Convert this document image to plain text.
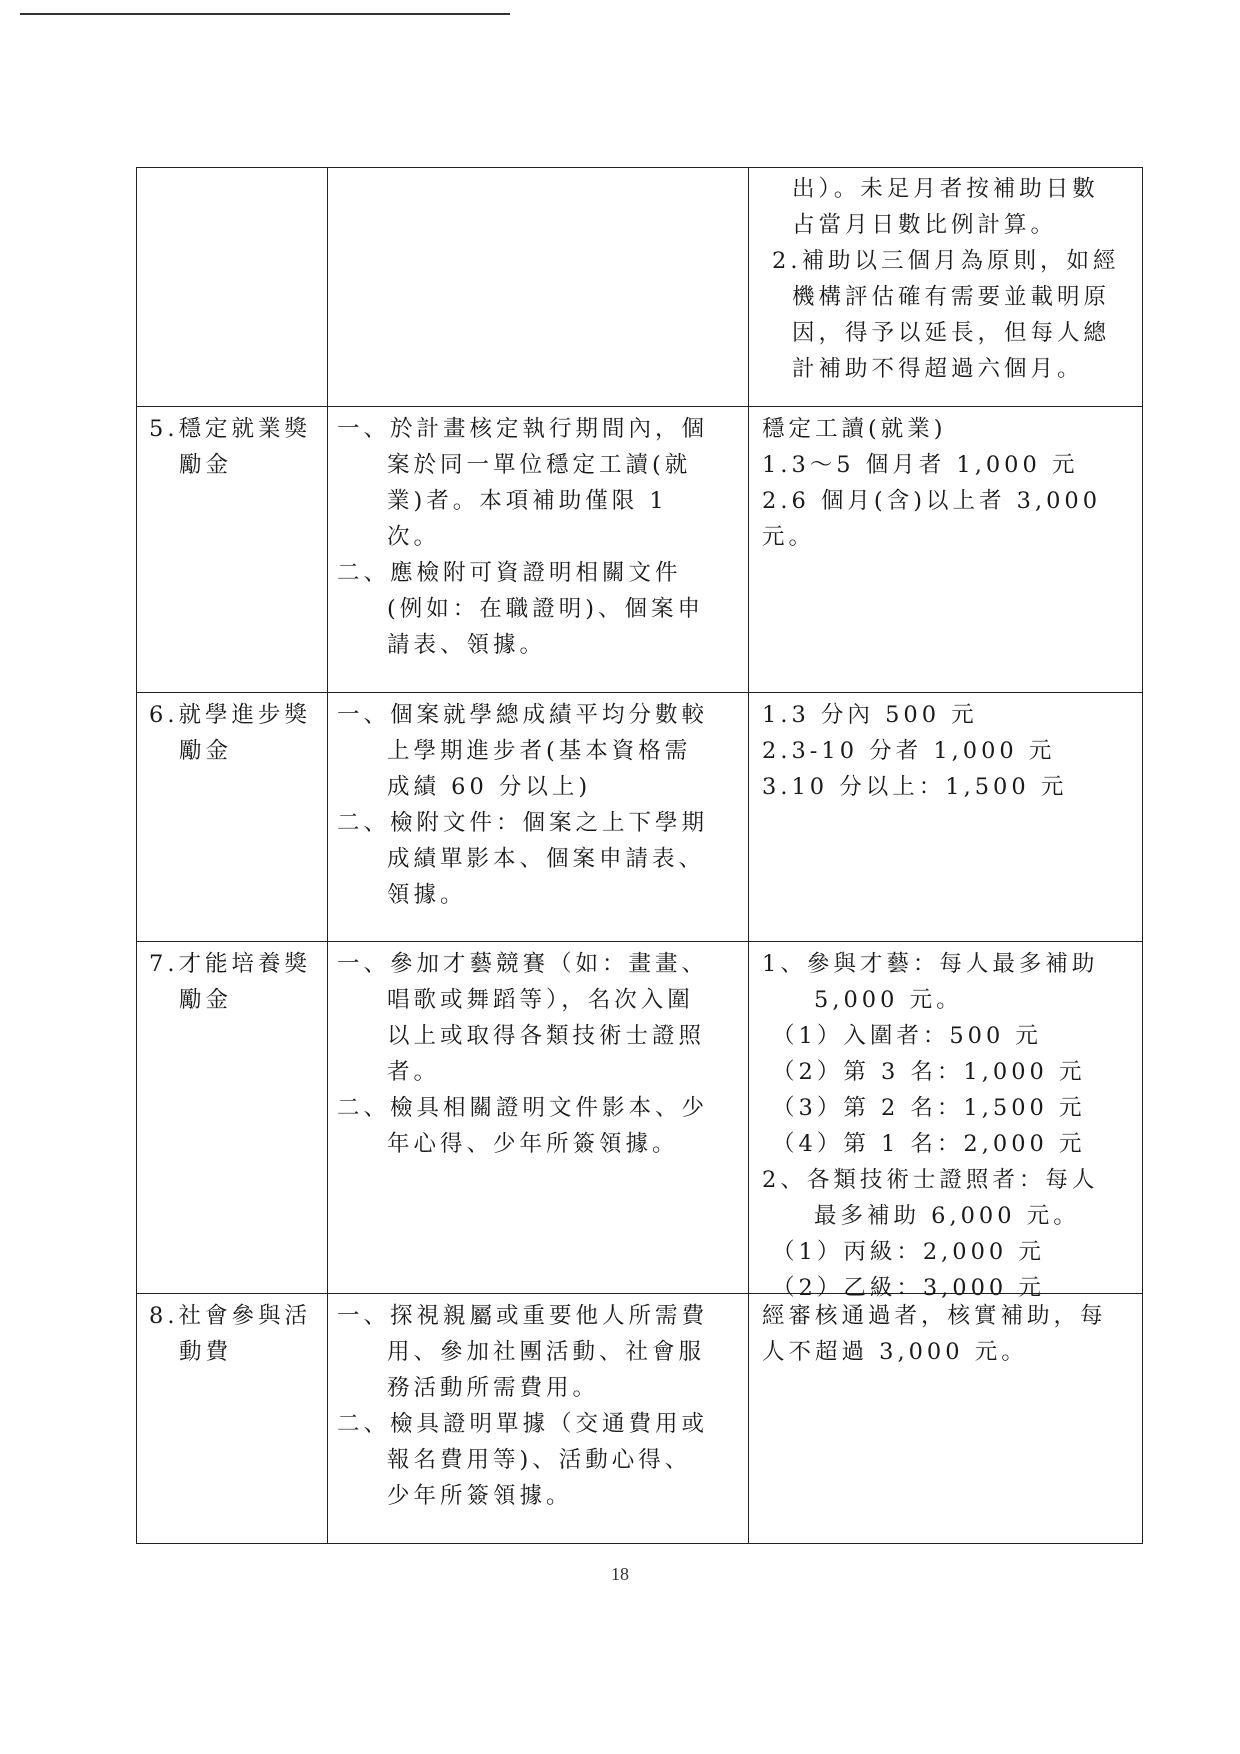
出）。未足月者按補助日數
占當月日數比例計算。
2.補助以三個月為原則，如經
機構評估確有需要並載明原
因，得予以延長，但每人總
計補助不得超過六個月。
5.穩定就業獎
勵金
一、於計畫核定執行期間內，個
案於同一單位穩定工讀(就
業)者。本項補助僅限 1
次。
二、應檢附可資證明相關文件
(例如：在職證明)、個案申
請表、領據。
穩定工讀(就業)
1.3～5 個月者 1,000 元
2.6 個月(含)以上者 3,000
元。
6.就學進步獎
勵金
一、個案就學總成績平均分數較
上學期進步者(基本資格需
成績 60 分以上)
二、檢附文件：個案之上下學期
成績單影本、個案申請表、
領據。
1.3 分內 500 元
2.3-10 分者 1,000 元
3.10 分以上：1,500 元
7.才能培養獎
勵金
一、參加才藝競賽（如：畫畫、
唱歌或舞蹈等），名次入圍
以上或取得各類技術士證照
者。
二、檢具相關證明文件影本、少
年心得、少年所簽領據。
1、參與才藝：每人最多補助
5,000 元。
（1）入圍者：500 元
（2）第 3 名：1,000 元
（3）第 2 名：1,500 元
（4）第 1 名：2,000 元
2、各類技術士證照者：每人
最多補助 6,000 元。
（1）丙級：2,000 元
（2）乙級：3,000 元
8.社會參與活
動費
一、探視親屬或重要他人所需費
用、參加社團活動、社會服
務活動所需費用。
二、檢具證明單據（交通費用或
報名費用等)、活動心得、
少年所簽領據。
經審核通過者，核實補助，每
人不超過 3,000 元。
18
